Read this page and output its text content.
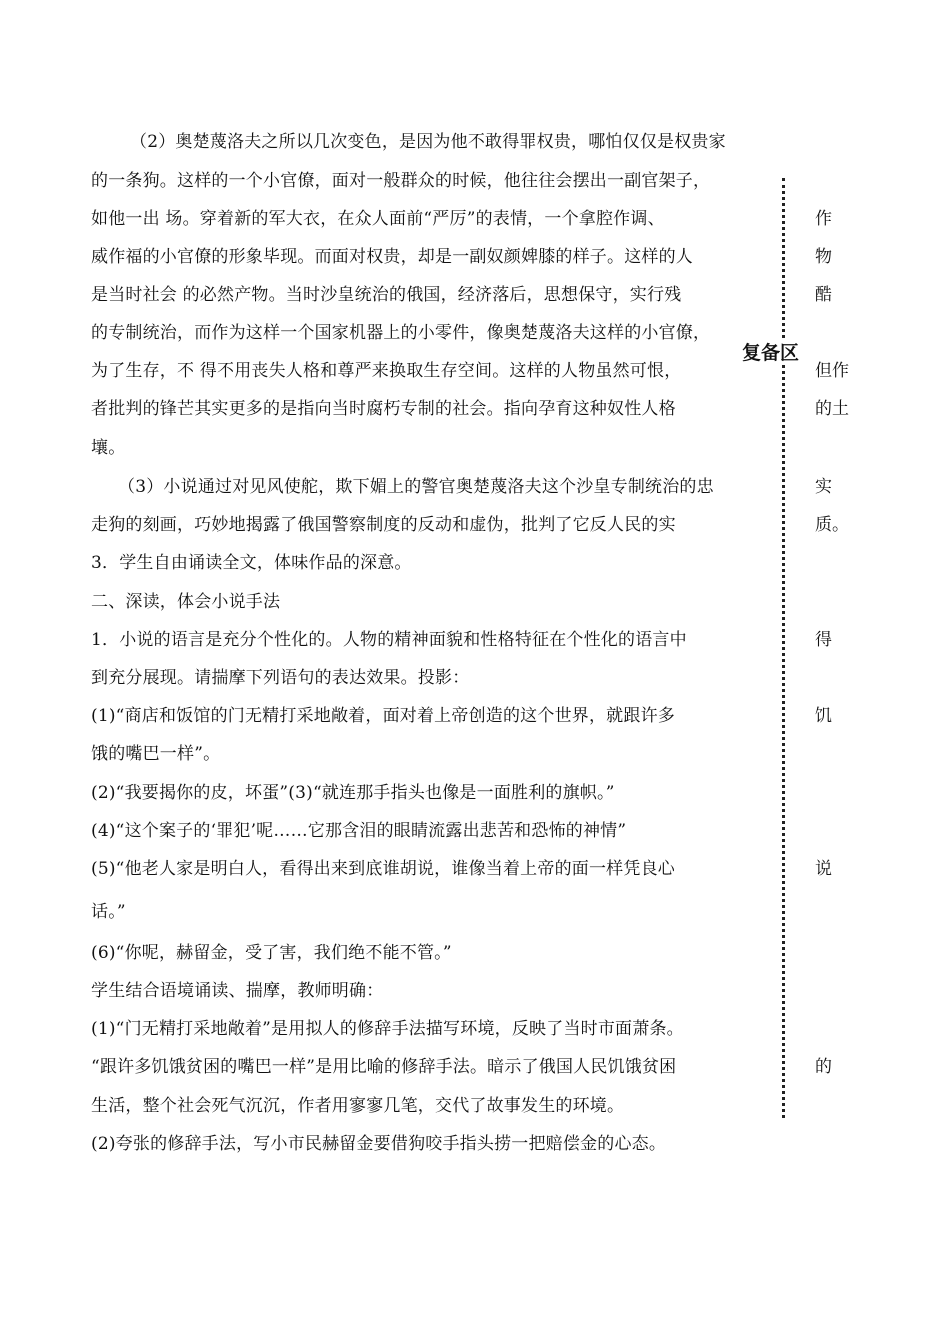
（2）奥楚蔑洛夫之所以几次变色，是因为他不敢得罪权贵，哪怕仅仅是权贵家
的一条狗。这样的一个小官僚，面对一般群众的时候，他往往会摆出一副官架子，
如他一出 场。穿着新的军大衣，在众人面前“严厉”的表情，一个拿腔作调、
威作福的小官僚的形象毕现。而面对权贵，却是一副奴颜婢膝的样子。这样的人
是当时社会 的必然产物。当时沙皇统治的俄国，经济落后，思想保守，实行残
的专制统治，而作为这样一个国家机器上的小零件，像奥楚蔑洛夫这样的小官僚，
为了生存，不 得不用丧失人格和尊严来换取生存空间。这样的人物虽然可恨，
者批判的锋芒其实更多的是指向当时腐朽专制的社会。指向孕育这种奴性人格
壤。
（3）小说通过对见风使舵，欺下媚上的警官奥楚蔑洛夫这个沙皇专制统治的忠
走狗的刻画，巧妙地揭露了俄国警察制度的反动和虚伪，批判了它反人民的实
3．学生自由诵读全文，体味作品的深意。
二、深读，体会小说手法
1．小说的语言是充分个性化的。人物的精神面貌和性格特征在个性化的语言中
到充分展现。请揣摩下列语句的表达效果。投影：
(1)“商店和饭馆的门无精打采地敞着，面对着上帝创造的这个世界，就跟许多
饿的嘴巴一样”。
(2)“我要揭你的皮，坏蛋”(3)“就连那手指头也像是一面胜利的旗帜。”
(4)“这个案子的‘罪犯’呢……它那含泪的眼睛流露出悲苦和恐怖的神情”
(5)“他老人家是明白人，看得出来到底谁胡说，谁像当着上帝的面一样凭良心
话。”
(6)“你呢，赫留金，受了害，我们绝不能不管。”
学生结合语境诵读、揣摩，教师明确：
(1)“门无精打采地敞着”是用拟人的修辞手法描写环境，反映了当时市面萧条。
“跟许多饥饿贫困的嘴巴一样”是用比喻的修辞手法。暗示了俄国人民饥饿贫困
生活，整个社会死气沉沉，作者用寥寥几笔，交代了故事发生的环境。
(2)夸张的修辞手法，写小市民赫留金要借狗咬手指头捞一把赔偿金的心态。
复备区
作
物
酷
但作
的土
实
质。
得
饥
说
的
